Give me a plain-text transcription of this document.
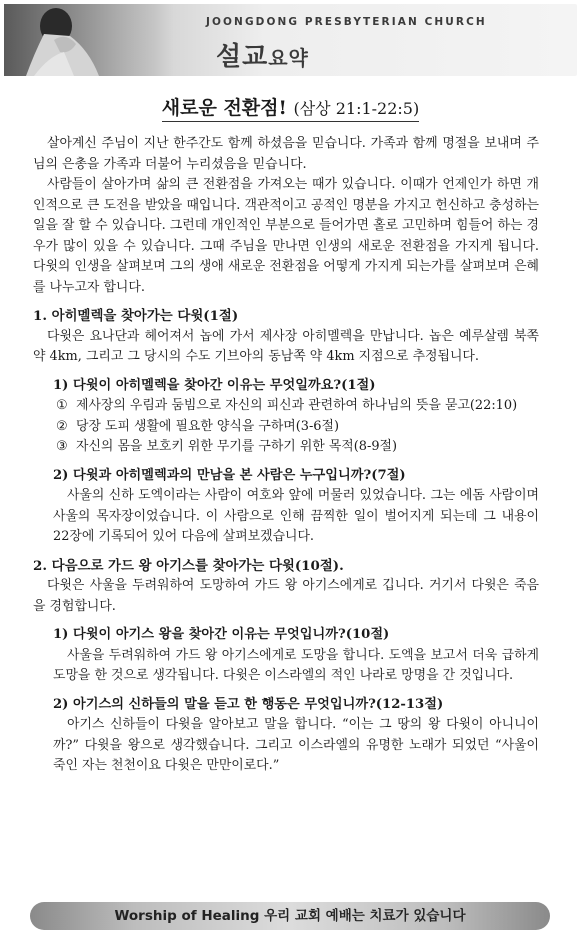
JOONGDONG PRESBYTERIAN CHURCH
설교요약
새로운 전환점! (삼상 21:1-22:5)

살아계신 주님이 지난 한주간도 함께 하셨음을 믿습니다. 가족과 함께 명절을 보내며 주님의 은총을 가족과 더불어 누리셨음을 믿습니다.

사람들이 살아가며 삶의 큰 전환점을 가져오는 때가 있습니다. 이때가 언제인가 하면 개인적으로 큰 도전을 받았을 때입니다. 객관적이고 공적인 명분을 가지고 헌신하고 충성하는 일을 잘 할 수 있습니다. 그런데 개인적인 부분으로 들어가면 홀로 고민하며 힘들어 하는 경우가 많이 있을 수 있습니다. 그때 주님을 만나면 인생의 새로운 전환점을 가지게 됩니다. 다윗의 인생을 살펴보며 그의 생애 새로운 전환점을 어떻게 가지게 되는가를 살펴보며 은혜를 나누고자 합니다.

1. 아히멜렉을 찾아가는 다윗(1절)

다윗은 요나단과 헤어져서 놉에 가서 제사장 아히멜렉을 만납니다. 놉은 예루살렘 북쪽 약 4km, 그리고 그 당시의 수도 기브아의 동남쪽 약 4km 지점으로 추정됩니다.

1) 다윗이 아히멜렉을 찾아간 이유는 무엇일까요?(1절)

① 제사장의 우림과 둠빔으로 자신의 피신과 관련하여 하나님의 뜻을 묻고(22:10)

② 당장 도피 생활에 필요한 양식을 구하며(3-6절)

③ 자신의 몸을 보호키 위한 무기를 구하기 위한 목적(8-9절)

2) 다윗과 아히멜렉과의 만남을 본 사람은 누구입니까?(7절)

사울의 신하 도엑이라는 사람이 여호와 앞에 머물러 있었습니다. 그는 에돔 사람이며 사울의 목자장이었습니다. 이 사람으로 인해 끔찍한 일이 벌어지게 되는데 그 내용이 22장에 기록되어 있어 다음에 살펴보겠습니다.

2. 다음으로 가드 왕 아기스를 찾아가는 다윗(10절).

다윗은 사울을 두려워하여 도망하여 가드 왕 아기스에게로 깁니다. 거기서 다윗은 죽음을 경험합니다.

1) 다윗이 아기스 왕을 찾아간 이유는 무엇입니까?(10절)

사울을 두려워하여 가드 왕 아기스에게로 도망을 합니다. 도엑을 보고서 더욱 급하게 도망을 한 것으로 생각됩니다. 다윗은 이스라엘의 적인 나라로 망명을 간 것입니다.

2) 아기스의 신하들의 말을 듣고 한 행동은 무엇입니까?(12-13절)

아기스 신하들이 다윗을 알아보고 말을 합니다. “이는 그 땅의 왕 다윗이 아니니이까?” 다윗을 왕으로 생각했습니다. 그리고 이스라엘의 유명한 노래가 되었던 “사울이 죽인 자는 천천이요 다윗은 만만이로다.”

Worship of Healing 우리 교회 예배는 치료가 있습니다
